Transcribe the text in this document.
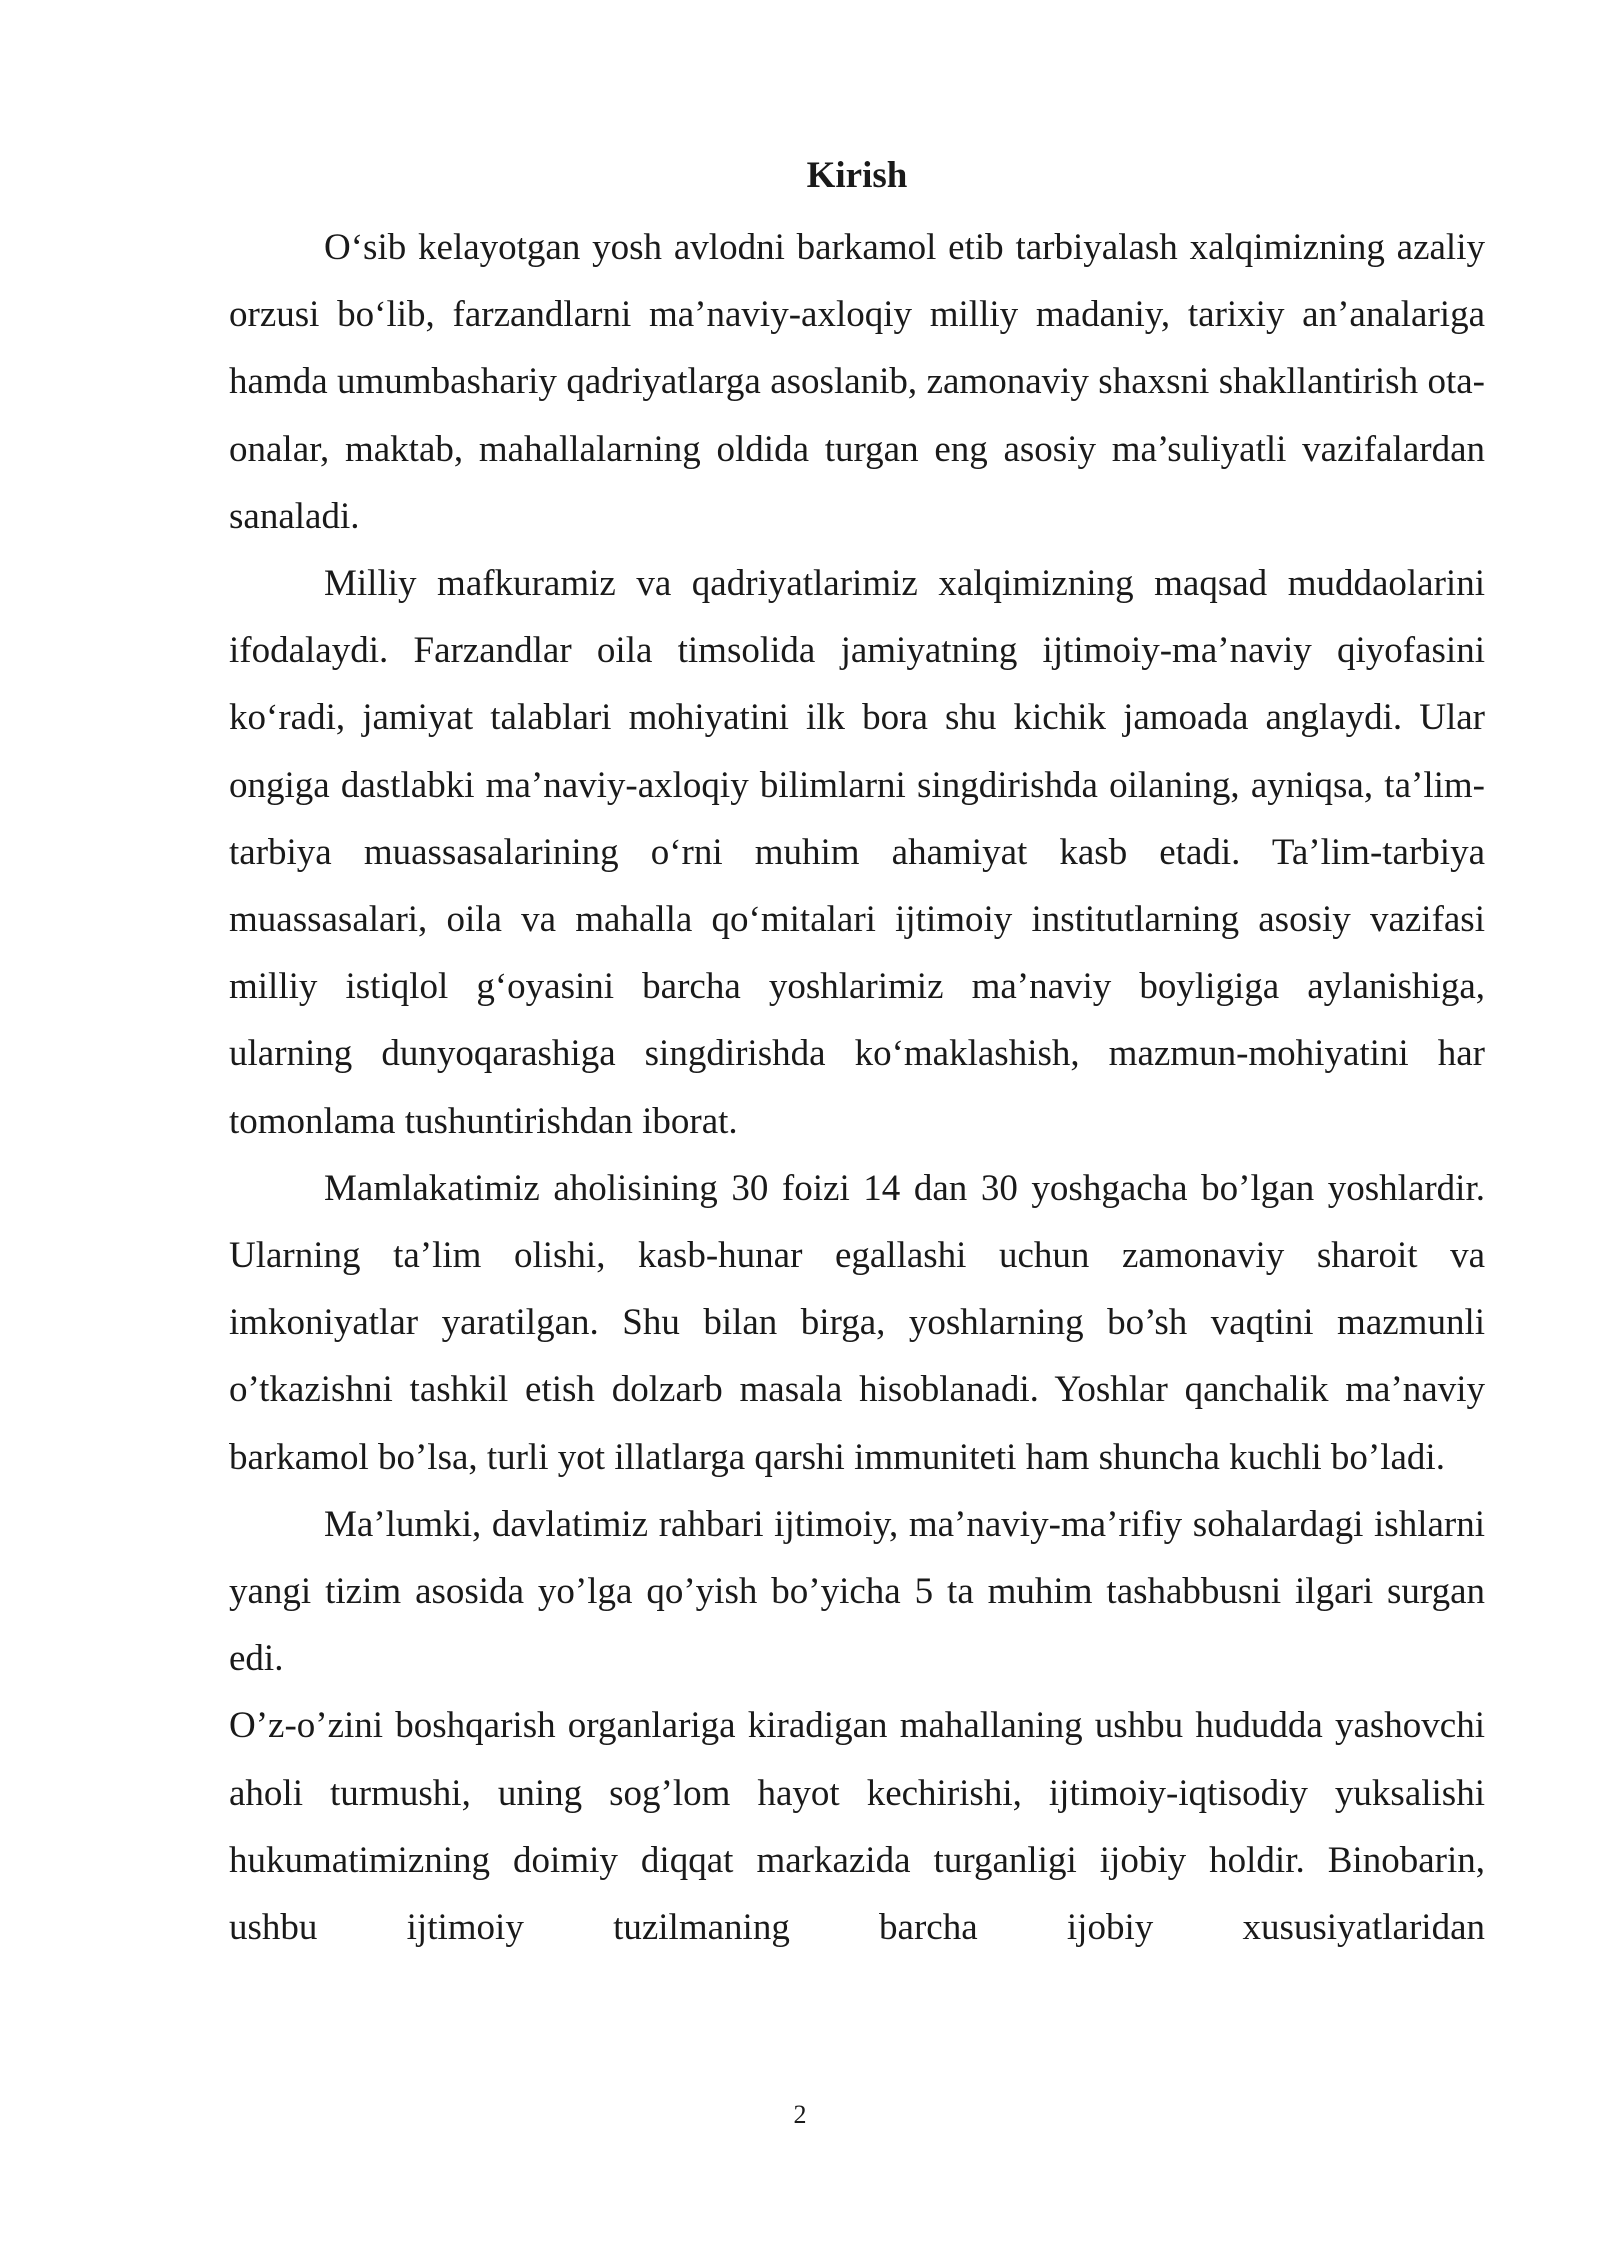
Kirish

O‘sib kelayotgan yosh avlodni barkamol etib tarbiyalash xalqimizning azaliy orzusi bo‘lib, farzandlarni ma’naviy-axloqiy milliy madaniy, tarixiy an’analariga hamda umumbashariy qadriyatlarga asoslanib, zamonaviy shaxsni shakllantirish ota-onalar, maktab, mahallalarning oldida turgan eng asosiy ma’suliyatli vazifalardan sanaladi.

Milliy mafkuramiz va qadriyatlarimiz xalqimizning maqsad muddaolarini ifodalaydi. Farzandlar oila timsolida jamiyatning ijtimoiy-ma’naviy qiyofasini ko‘radi, jamiyat talablari mohiyatini ilk bora shu kichik jamoada anglaydi. Ular ongiga dastlabki ma’naviy-axloqiy bilimlarni singdirishda oilaning, ayniqsa, ta’lim-tarbiya muassasalarining o‘rni muhim ahamiyat kasb etadi. Ta’lim-tarbiya muassasalari, oila va mahalla qo‘mitalari ijtimoiy institutlarning asosiy vazifasi milliy istiqlol g‘oyasini barcha yoshlarimiz ma’naviy boyligiga aylanishiga, ularning dunyoqarashiga singdirishda ko‘maklashish, mazmun-mohiyatini har tomonlama tushuntirishdan iborat.

Mamlakatimiz aholisining 30 foizi 14 dan 30 yoshgacha bo’lgan yoshlardir. Ularning ta’lim olishi, kasb-hunar egallashi uchun zamonaviy sharoit va imkoniyatlar yaratilgan. Shu bilan birga, yoshlarning bo’sh vaqtini mazmunli o’tkazishni tashkil etish dolzarb masala hisoblanadi. Yoshlar qanchalik ma’naviy barkamol bo’lsa, turli yot illatlarga qarshi immuniteti ham shuncha kuchli bo’ladi.

Ma’lumki, davlatimiz rahbari ijtimoiy, ma’naviy-ma’rifiy sohalardagi ishlarni yangi tizim asosida yo’lga qo’yish bo’yicha 5 ta muhim tashabbusni ilgari surgan edi.

O’z-o’zini boshqarish organlariga kiradigan mahallaning ushbu hududda yashovchi aholi turmushi, uning sog’lom hayot kechirishi, ijtimoiy-iqtisodiy yuksalishi hukumatimizning doimiy diqqat markazida turganligi ijobiy holdir. Binobarin, ushbu ijtimoiy tuzilmaning barcha ijobiy xususiyatlaridan

2
